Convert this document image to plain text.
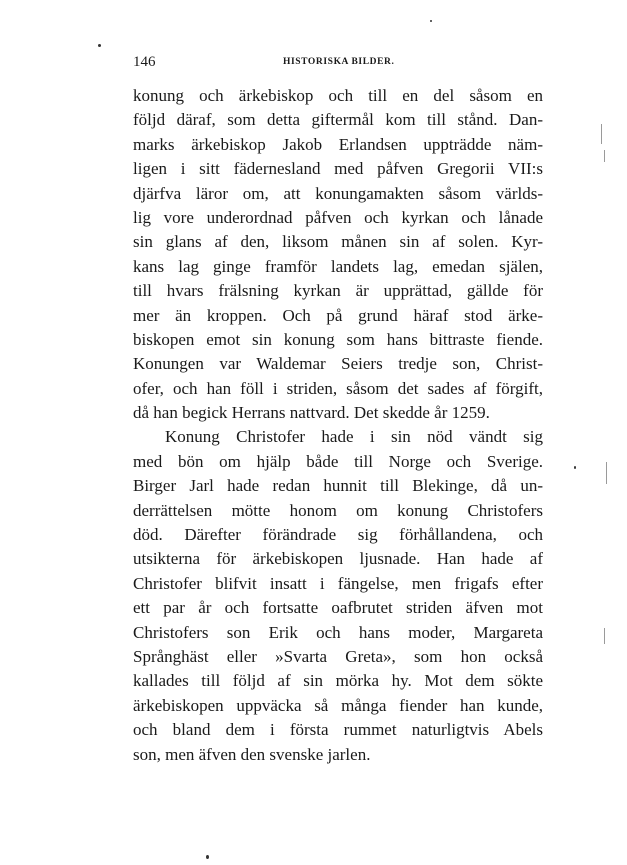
146	HISTORISKA BILDER.
konung och ärkebiskop och till en del såsom en
följd däraf, som detta giftermål kom till stånd. Dan-
marks ärkebiskop Jakob Erlandsen uppträdde näm-
ligen i sitt fädernesland med påfven Gregorii VII:s
djärfva läror om, att konungamakten såsom världs-
lig vore underordnad påfven och kyrkan och lånade
sin glans af den, liksom månen sin af solen. Kyr-
kans lag ginge framför landets lag, emedan själen,
till hvars frälsning kyrkan är upprättad, gällde för
mer än kroppen. Och på grund häraf stod ärke-
biskopen emot sin konung som hans bittraste fiende.
Konungen var Waldemar Seiers tredje son, Christ-
ofer, och han föll i striden, såsom det sades af förgift,
då han begick Herrans nattvard. Det skedde år 1259.
Konung Christofer hade i sin nöd vändt sig
med bön om hjälp både till Norge och Sverige.
Birger Jarl hade redan hunnit till Blekinge, då un-
derrättelsen mötte honom om konung Christofers
död. Därefter förändrade sig förhållandena, och
utsikterna för ärkebiskopen ljusnade. Han hade af
Christofer blifvit insatt i fängelse, men frigafs efter
ett par år och fortsatte oafbrutet striden äfven mot
Christofers son Erik och hans moder, Margareta
Språnghäst eller »Svarta Greta», som hon också
kallades till följd af sin mörka hy. Mot dem sökte
ärkebiskopen uppväcka så många fiender han kunde,
och bland dem i första rummet naturligtvis Abels
son, men äfven den svenske jarlen.
